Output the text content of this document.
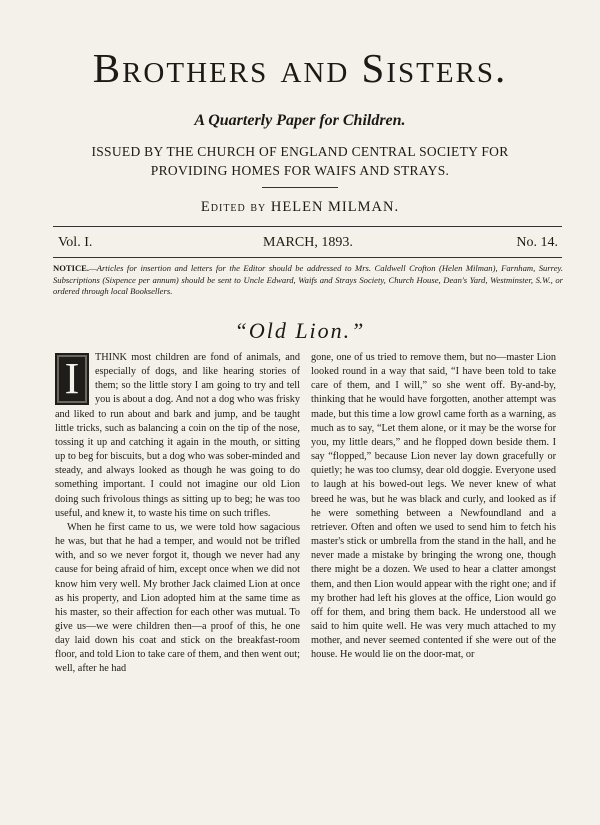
Brothers and Sisters.
A Quarterly Paper for Children.
ISSUED BY THE CHURCH OF ENGLAND CENTRAL SOCIETY FOR
PROVIDING HOMES FOR WAIFS AND STRAYS.
Edited by HELEN MILMAN.
Vol. I.	MARCH, 1893.	No. 14.
NOTICE.—Articles for insertion and letters for the Editor should be addressed to Mrs. Caldwell Crofton (Helen Milman), Farnham, Surrey. Subscriptions (Sixpence per annum) should be sent to Uncle Edward, Waifs and Strays Society, Church House, Dean's Yard, Westminster, S.W., or ordered through local Booksellers.
“Old Lion.”

I	THINK most children are fond of animals, and especially of dogs, and like hearing stories of them; so the little story I am going to try and tell you is about a dog. And not a dog who was frisky and liked to run about and bark and jump, and be taught little tricks, such as balancing a coin on the tip of the nose, tossing it up and catching it again in the mouth, or sitting up to beg for biscuits, but a dog who was sober-minded and steady, and always looked as though he was going to do something important. I could not imagine our old Lion doing such frivolous things as sitting up to beg; he was too useful, and knew it, to waste his time on such trifles.

When he first came to us, we were told how sagacious he was, but that he had a temper, and would not be trifled with, and so we never forgot it, though we never had any cause for being afraid of him, except once when we did not know him very well. My brother Jack claimed Lion at once as his property, and Lion adopted him at the same time as his master, so their affection for each other was mutual. To give us—we were children then—a proof of this, he one day laid down his coat and stick on the breakfast-room floor, and told Lion to take care of them, and then went out; well, after he had

gone, one of us tried to remove them, but no—master Lion looked round in a way that said, “I have been told to take care of them, and I will,” so she went off. By-and-by, thinking that he would have forgotten, another attempt was made, but this time a low growl came forth as a warning, as much as to say, “Let them alone, or it may be the worse for you, my little dears,” and he flopped down beside them. I say “flopped,” because Lion never lay down gracefully or quietly; he was too clumsy, dear old doggie. Everyone used to laugh at his bowed-out legs. We never knew of what breed he was, but he was black and curly, and looked as if he were something between a Newfoundland and a retriever. Often and often we used to send him to fetch his master's stick or umbrella from the stand in the hall, and he never made a mistake by bringing the wrong one, though there might be a dozen. We used to hear a clatter amongst them, and then Lion would appear with the right one; and if my brother had left his gloves at the office, Lion would go off for them, and bring them back. He understood all we said to him quite well. He was very much attached to my mother, and never seemed contented if she were out of the house. He would lie on the door-mat, or
